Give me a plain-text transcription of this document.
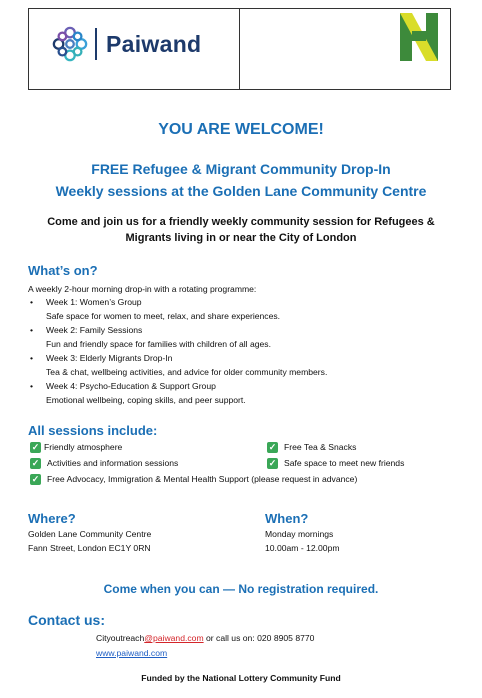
Paiwand
YOU ARE WELCOME!
FREE Refugee & Migrant Community Drop-In
Weekly sessions at the Golden Lane Community Centre
Come and join us for a friendly weekly community session for Refugees &
Migrants living in or near the City of London
What’s on?
A weekly 2-hour morning drop-in with a rotating programme:
• Week 1: Women’s Group
Safe space for women to meet, relax, and share experiences.
• Week 2: Family Sessions
Fun and friendly space for families with children of all ages.
• Week 3: Elderly Migrants Drop-In
Tea & chat, wellbeing activities, and advice for older community members.
• Week 4: Psycho-Education & Support Group
Emotional wellbeing, coping skills, and peer support.
All sessions include:
✓ Friendly atmosphere	✓ Free Tea & Snacks
✓ Activities and information sessions	✓ Safe space to meet new friends
✓ Free Advocacy, Immigration & Mental Health Support (please request in advance)
Where?	When?
Golden Lane Community Centre
Fann Street, London EC1Y 0RN
Monday mornings
10.00am - 12.00pm
Come when you can — No registration required.
Contact us:
Cityoutreach@paiwand.com or call us on: 020 8905 8770
www.paiwand.com
Funded by the National Lottery Community Fund
